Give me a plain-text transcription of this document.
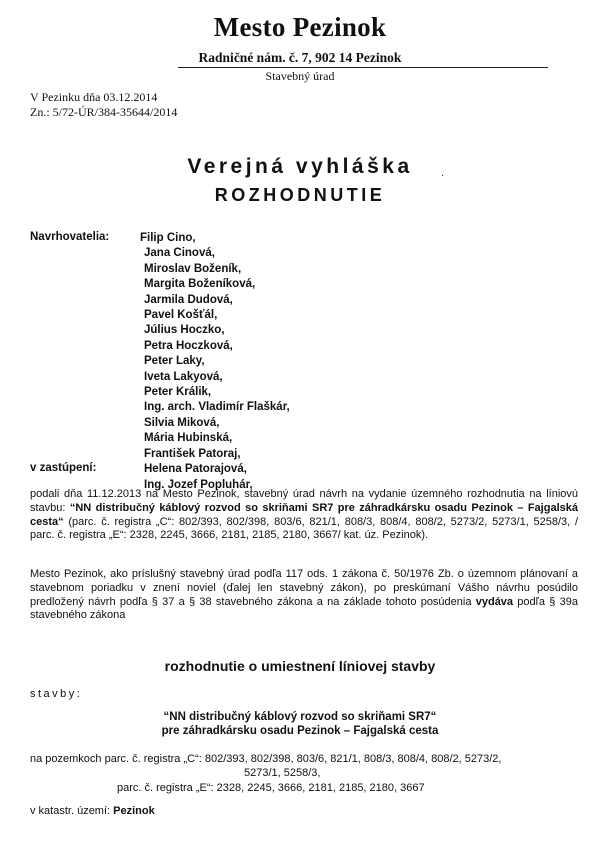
Mesto Pezinok
Radničné nám. č. 7, 902 14 Pezinok
Stavebný úrad
V Pezinku dňa 03.12.2014
Zn.: 5/72-ÚR/384-35644/2014
Verejná vyhláška	·
ROZHODNUTIE
Navrhovatelia:	Filip Cino,
Jana Cinová,
Miroslav Boženík,
Margita Boženíková,
Jarmila Dudová,
Pavel Košťál,
Július Hoczko,
Petra Hoczková,
Peter Laky,
Iveta Lakyová,
Peter Králik,
Ing. arch. Vladimír Flaškár,
Silvia Miková,
Mária Hubinská,
František Patoraj,
Helena Patorajová,
Ing. Jozef Popluhár,
v zastúpení:
podali dňa 11.12.2013 na Mesto Pezinok, stavebný úrad návrh na vydanie územného rozhodnutia na líniovú stavbu: “NN distribučný káblový rozvod so skriňami SR7 pre záhradkársku osadu Pezinok – Fajgalská cesta“ (parc. č. registra „C“: 802/393, 802/398, 803/6, 821/1, 808/3, 808/4, 808/2, 5273/2, 5273/1, 5258/3, / parc. č. registra „E“: 2328, 2245, 3666, 2181, 2185, 2180, 3667/ kat. úz. Pezinok).
Mesto Pezinok, ako príslušný stavebný úrad podľa 117 ods. 1 zákona č. 50/1976 Zb. o územnom plánovaní a stavebnom poriadku v znení noviel (ďalej len stavebný zákon), po preskúmaní Vášho návrhu posúdilo predložený návrh podľa § 37 a § 38 stavebného zákona a na základe tohoto posúdenia vydáva podľa § 39a stavebného zákona
rozhodnutie o umiestnení líniovej stavby
stavby:
“NN distribučný káblový rozvod so skriňami SR7“
pre záhradkársku osadu Pezinok – Fajgalská cesta
na pozemkoch parc. č. registra „C“: 802/393, 802/398, 803/6, 821/1, 808/3, 808/4, 808/2, 5273/2,
5273/1, 5258/3,
parc. č. registra „E“: 2328, 2245, 3666, 2181, 2185, 2180, 3667
v katastr. území: Pezinok
